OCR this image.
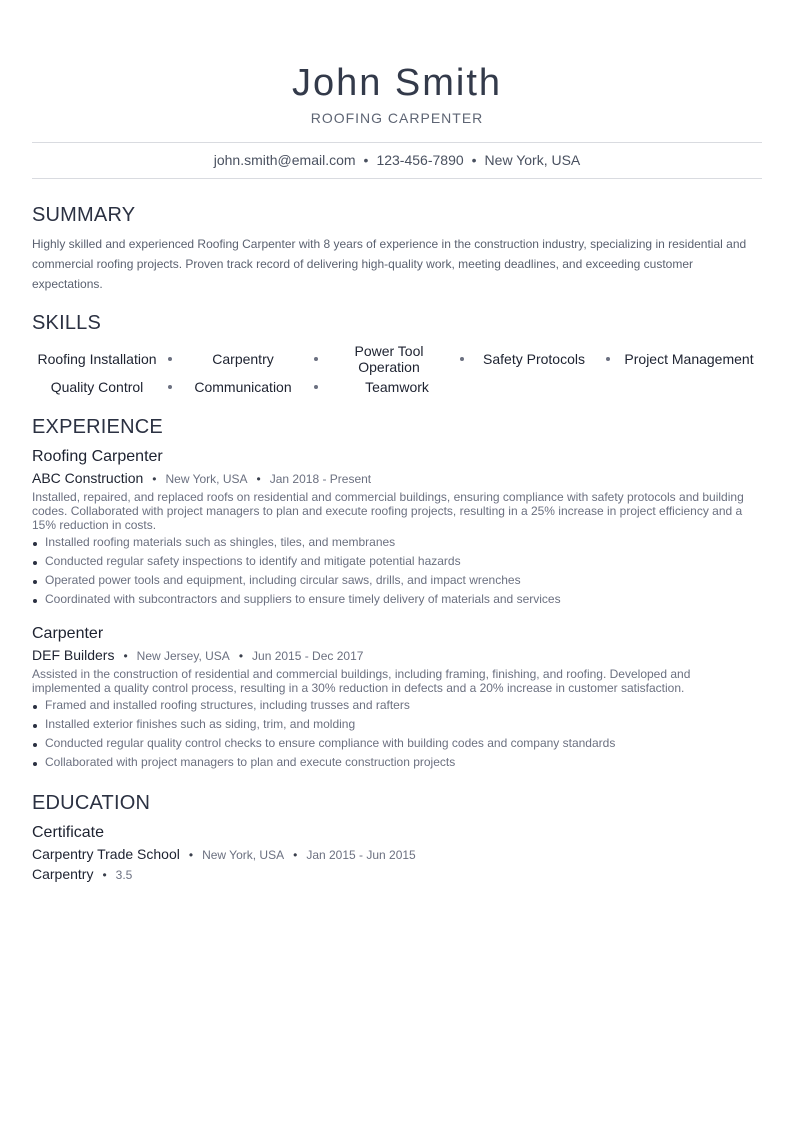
John Smith
ROOFING CARPENTER
john.smith@email.com • 123-456-7890 • New York, USA
SUMMARY
Highly skilled and experienced Roofing Carpenter with 8 years of experience in the construction industry, specializing in residential and commercial roofing projects. Proven track record of delivering high-quality work, meeting deadlines, and exceeding customer expectations.
SKILLS
Roofing Installation	Carpentry	Power Tool Operation	Safety Protocols	Project Management
Quality Control	Communication	Teamwork
EXPERIENCE
Roofing Carpenter
ABC Construction • New York, USA • Jan 2018 - Present
Installed, repaired, and replaced roofs on residential and commercial buildings, ensuring compliance with safety protocols and building codes. Collaborated with project managers to plan and execute roofing projects, resulting in a 25% increase in project efficiency and a 15% reduction in costs.
Installed roofing materials such as shingles, tiles, and membranes
Conducted regular safety inspections to identify and mitigate potential hazards
Operated power tools and equipment, including circular saws, drills, and impact wrenches
Coordinated with subcontractors and suppliers to ensure timely delivery of materials and services
Carpenter
DEF Builders • New Jersey, USA • Jun 2015 - Dec 2017
Assisted in the construction of residential and commercial buildings, including framing, finishing, and roofing. Developed and implemented a quality control process, resulting in a 30% reduction in defects and a 20% increase in customer satisfaction.
Framed and installed roofing structures, including trusses and rafters
Installed exterior finishes such as siding, trim, and molding
Conducted regular quality control checks to ensure compliance with building codes and company standards
Collaborated with project managers to plan and execute construction projects
EDUCATION
Certificate
Carpentry Trade School • New York, USA • Jan 2015 - Jun 2015
Carpentry • 3.5
